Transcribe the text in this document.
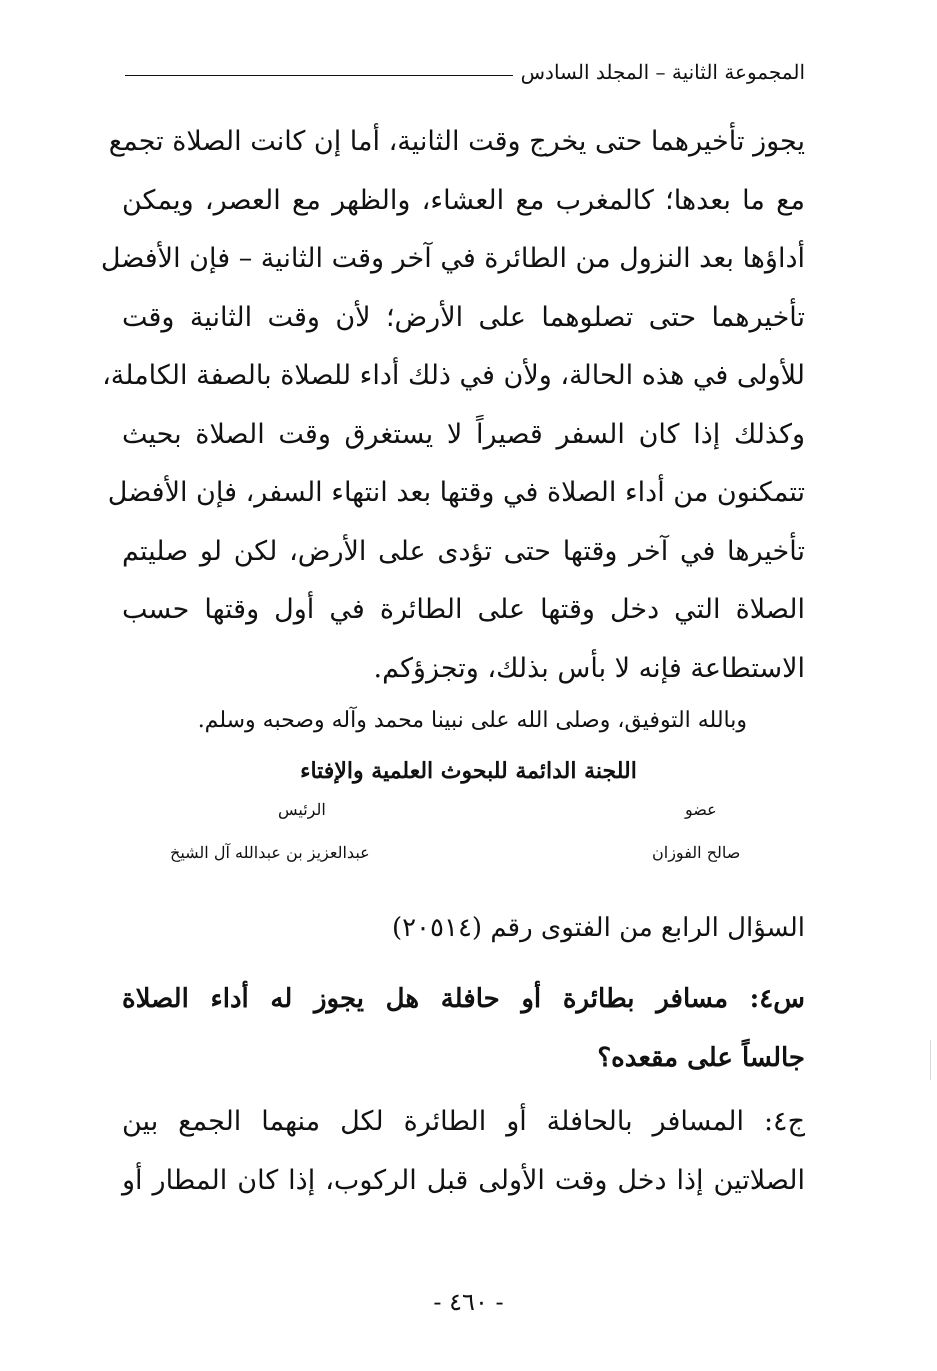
المجموعة الثانية – المجلد السادس
يجوز تأخيرهما حتى يخرج وقت الثانية، أما إن كانت الصلاة تجمع
مع ما بعدها؛ كالمغرب مع العشاء، والظهر مع العصر، ويمكن
أداؤها بعد النزول من الطائرة في آخر وقت الثانية – فإن الأفضل
تأخيرهما حتى تصلوهما على الأرض؛ لأن وقت الثانية وقت
للأولى في هذه الحالة، ولأن في ذلك أداء للصلاة بالصفة الكاملة،
وكذلك إذا كان السفر قصيراً لا يستغرق وقت الصلاة بحيث
تتمكنون من أداء الصلاة في وقتها بعد انتهاء السفر، فإن الأفضل
تأخيرها في آخر وقتها حتى تؤدى على الأرض، لكن لو صليتم
الصلاة التي دخل وقتها على الطائرة في أول وقتها حسب
الاستطاعة فإنه لا بأس بذلك، وتجزؤكم.
وبالله التوفيق، وصلى الله على نبينا محمد وآله وصحبه وسلم.
اللجنة الدائمة للبحوث العلمية والإفتاء
الرئيس
عبدالعزيز بن عبدالله آل الشيخ
عضو
صالح الفوزان
السؤال الرابع من الفتوى رقم (٢٠٥١٤)
س٤: مسافر بطائرة أو حافلة هل يجوز له أداء الصلاة
جالساً على مقعده؟
ج٤: المسافر بالحافلة أو الطائرة لكل منهما الجمع بين
الصلاتين إذا دخل وقت الأولى قبل الركوب، إذا كان المطار أو
- ٤٦٠ -
